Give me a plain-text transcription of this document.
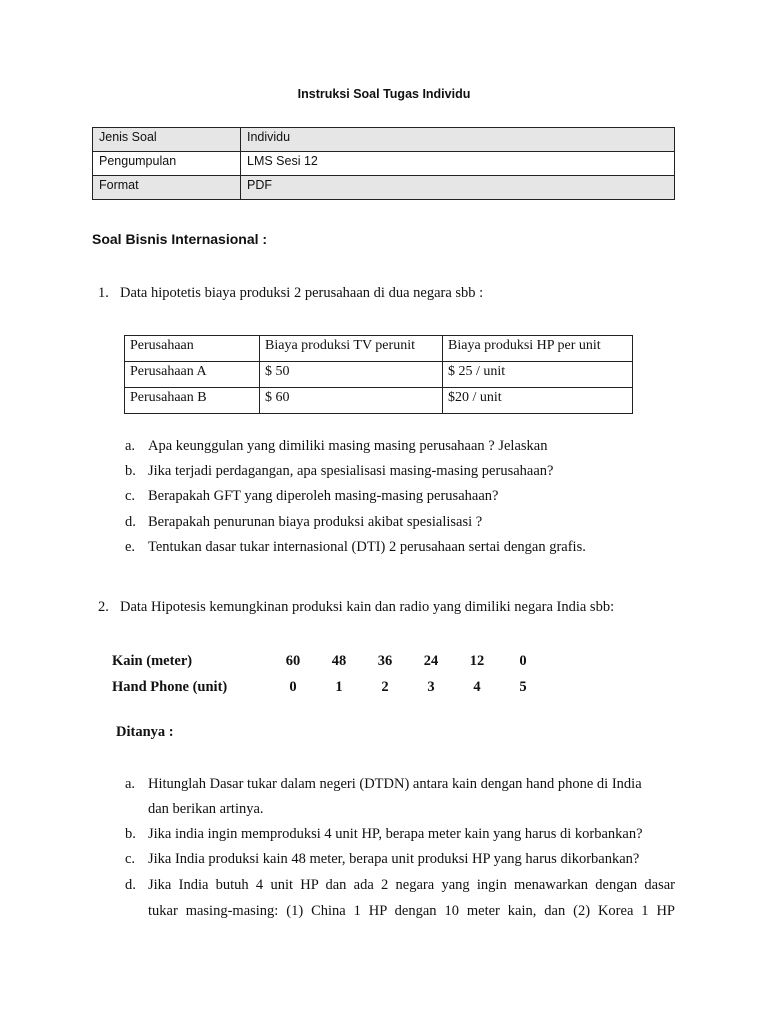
Instruksi Soal Tugas Individu
Jenis Soal	Individu
Pengumpulan	LMS Sesi 12
Format	PDF
Soal Bisnis Internasional :
1. Data hipotetis biaya produksi 2 perusahaan di dua negara sbb :
Perusahaan	Biaya produksi TV perunit	Biaya produksi HP per unit
Perusahaan A	$ 50	$ 25 / unit
Perusahaan B	$ 60	$20 / unit
a. Apa keunggulan yang dimiliki masing masing perusahaan ? Jelaskan
b. Jika terjadi perdagangan, apa spesialisasi masing-masing perusahaan?
c. Berapakah GFT yang diperoleh masing-masing perusahaan?
d. Berapakah penurunan biaya produksi akibat spesialisasi ?
e. Tentukan dasar tukar internasional (DTI) 2 perusahaan sertai dengan grafis.
2. Data Hipotesis kemungkinan produksi kain dan radio yang dimiliki negara India sbb:
Kain (meter)	60	48	36	24	12	0
Hand Phone (unit)	0	1	2	3	4	5
Ditanya :
a. Hitunglah Dasar tukar dalam negeri (DTDN) antara kain dengan hand phone di India
dan berikan artinya.
b. Jika india ingin memproduksi 4 unit HP, berapa meter kain yang harus di korbankan?
c. Jika India produksi kain 48 meter, berapa unit produksi HP yang harus dikorbankan?
d. Jika India butuh 4 unit HP dan ada 2 negara yang ingin menawarkan dengan dasar
tukar masing-masing: (1) China 1 HP dengan 10 meter kain, dan (2) Korea 1 HP
